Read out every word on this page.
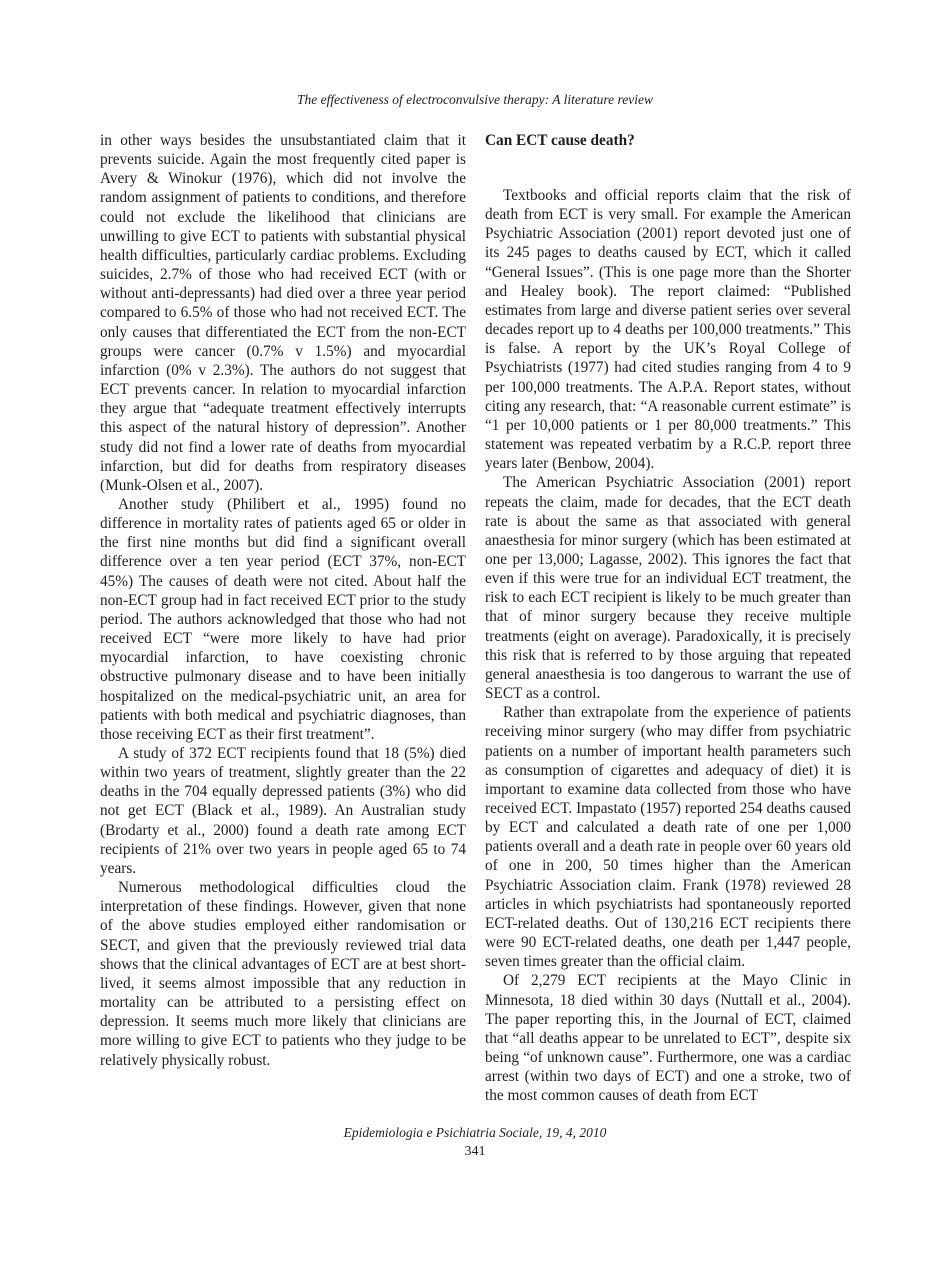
The effectiveness of electroconvulsive therapy: A literature review

in other ways besides the unsubstantiated claim that it prevents suicide. Again the most frequently cited paper is Avery & Winokur (1976), which did not involve the random assignment of patients to conditions, and therefore could not exclude the likelihood that clinicians are unwilling to give ECT to patients with substantial physical health difficulties, particularly cardiac problems. Excluding suicides, 2.7% of those who had received ECT (with or without anti-depressants) had died over a three year period compared to 6.5% of those who had not received ECT. The only causes that differentiated the ECT from the non-ECT groups were cancer (0.7% v 1.5%) and myocardial infarction (0% v 2.3%). The authors do not suggest that ECT prevents cancer. In relation to myocardial infarction they argue that “adequate treatment effectively interrupts this aspect of the natural history of depression”. Another study did not find a lower rate of deaths from myocardial infarction, but did for deaths from respiratory diseases (Munk-Olsen et al., 2007).

Another study (Philibert et al., 1995) found no difference in mortality rates of patients aged 65 or older in the first nine months but did find a significant overall difference over a ten year period (ECT 37%, non-ECT 45%) The causes of death were not cited. About half the non-ECT group had in fact received ECT prior to the study period. The authors acknowledged that those who had not received ECT “were more likely to have had prior myocardial infarction, to have coexisting chronic obstructive pulmonary disease and to have been initially hospitalized on the medical-psychiatric unit, an area for patients with both medical and psychiatric diagnoses, than those receiving ECT as their first treatment”.

A study of 372 ECT recipients found that 18 (5%) died within two years of treatment, slightly greater than the 22 deaths in the 704 equally depressed patients (3%) who did not get ECT (Black et al., 1989). An Australian study (Brodarty et al., 2000) found a death rate among ECT recipients of 21% over two years in people aged 65 to 74 years.

Numerous methodological difficulties cloud the interpretation of these findings. However, given that none of the above studies employed either randomisation or SECT, and given that the previously reviewed trial data shows that the clinical advantages of ECT are at best short-lived, it seems almost impossible that any reduction in mortality can be attributed to a persisting effect on depression. It seems much more likely that clinicians are more willing to give ECT to patients who they judge to be relatively physically robust.

Can ECT cause death?

Textbooks and official reports claim that the risk of death from ECT is very small. For example the American Psychiatric Association (2001) report devoted just one of its 245 pages to deaths caused by ECT, which it called “General Issues”. (This is one page more than the Shorter and Healey book). The report claimed: “Published estimates from large and diverse patient series over several decades report up to 4 deaths per 100,000 treatments.” This is false. A report by the UK’s Royal College of Psychiatrists (1977) had cited studies ranging from 4 to 9 per 100,000 treatments. The A.P.A. Report states, without citing any research, that: “A reasonable current estimate” is “1 per 10,000 patients or 1 per 80,000 treatments.” This statement was repeated verbatim by a R.C.P. report three years later (Benbow, 2004).

The American Psychiatric Association (2001) report repeats the claim, made for decades, that the ECT death rate is about the same as that associated with general anaesthesia for minor surgery (which has been estimated at one per 13,000; Lagasse, 2002). This ignores the fact that even if this were true for an individual ECT treatment, the risk to each ECT recipient is likely to be much greater than that of minor surgery because they receive multiple treatments (eight on average). Paradoxically, it is precisely this risk that is referred to by those arguing that repeated general anaesthesia is too dangerous to warrant the use of SECT as a control.

Rather than extrapolate from the experience of patients receiving minor surgery (who may differ from psychiatric patients on a number of important health parameters such as consumption of cigarettes and adequacy of diet) it is important to examine data collected from those who have received ECT. Impastato (1957) reported 254 deaths caused by ECT and calculated a death rate of one per 1,000 patients overall and a death rate in people over 60 years old of one in 200, 50 times higher than the American Psychiatric Association claim. Frank (1978) reviewed 28 articles in which psychiatrists had spontaneously reported ECT-related deaths. Out of 130,216 ECT recipients there were 90 ECT-related deaths, one death per 1,447 people, seven times greater than the official claim.

Of 2,279 ECT recipients at the Mayo Clinic in Minnesota, 18 died within 30 days (Nuttall et al., 2004). The paper reporting this, in the Journal of ECT, claimed that “all deaths appear to be unrelated to ECT”, despite six being “of unknown cause”. Furthermore, one was a cardiac arrest (within two days of ECT) and one a stroke, two of the most common causes of death from ECT

Epidemiologia e Psichiatria Sociale, 19, 4, 2010
341
